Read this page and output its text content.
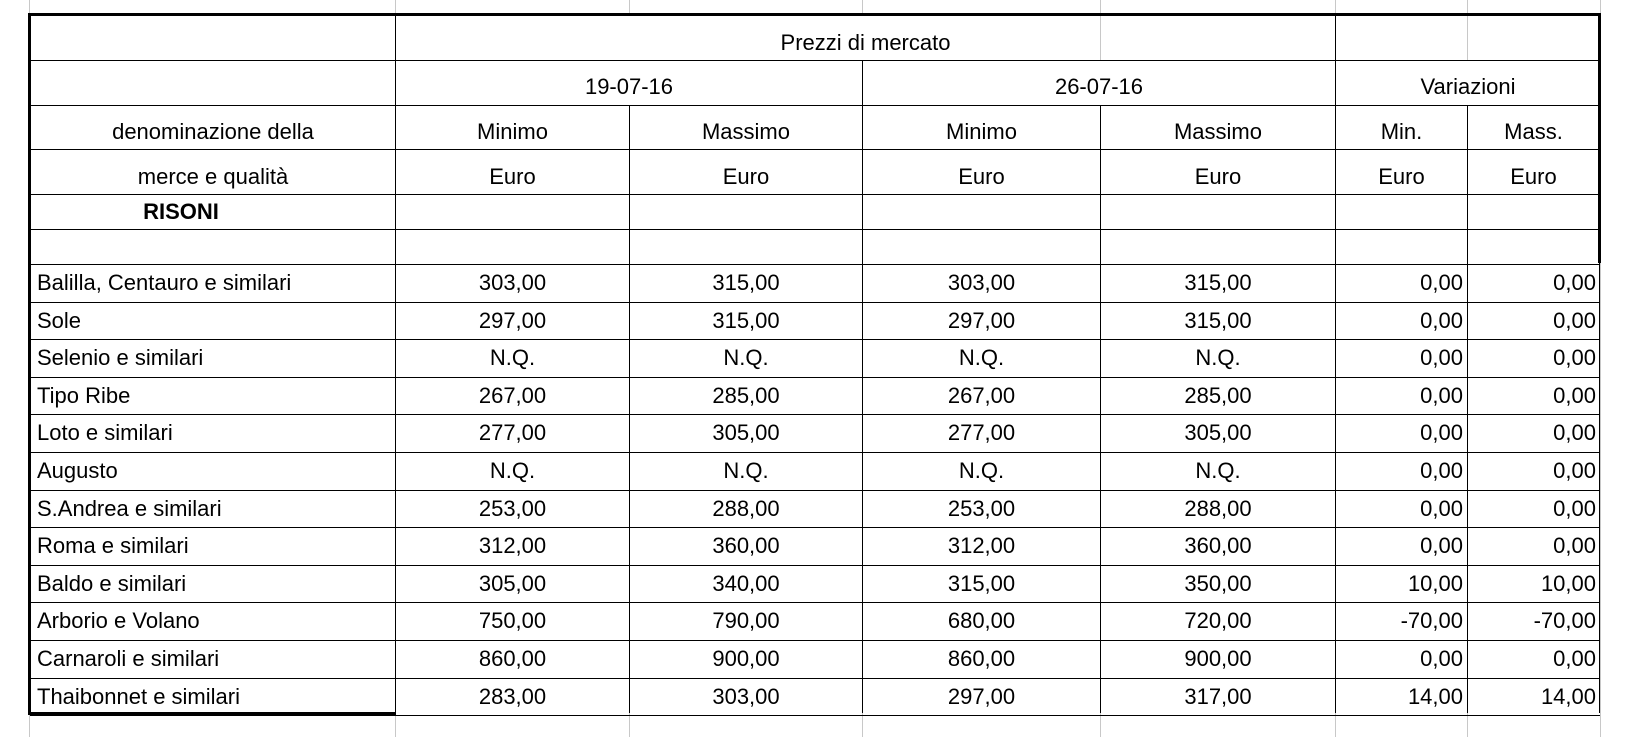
Balilla, Centauro e similari	303,00	315,00	303,00	315,00	0,00	0,00
Sole	297,00	315,00	297,00	315,00	0,00	0,00
Selenio e similari	N.Q.	N.Q.	N.Q.	N.Q.	0,00	0,00
Tipo Ribe	267,00	285,00	267,00	285,00	0,00	0,00
Loto e similari	277,00	305,00	277,00	305,00	0,00	0,00
Augusto	N.Q.	N.Q.	N.Q.	N.Q.	0,00	0,00
S.Andrea e similari	253,00	288,00	253,00	288,00	0,00	0,00
Roma e similari	312,00	360,00	312,00	360,00	0,00	0,00
Baldo e similari	305,00	340,00	315,00	350,00	10,00	10,00
Arborio e Volano	750,00	790,00	680,00	720,00	-70,00	-70,00
Carnaroli e similari	860,00	900,00	860,00	900,00	0,00	0,00
Thaibonnet e similari	283,00	303,00	297,00	317,00	14,00	14,00
Prezzi di mercato
19-07-16	26-07-16	Variazioni
denominazione della	Minimo	Massimo	Minimo	Massimo	Min.	Mass.
merce e qualità	Euro	Euro	Euro	Euro	Euro	Euro
RISONI
